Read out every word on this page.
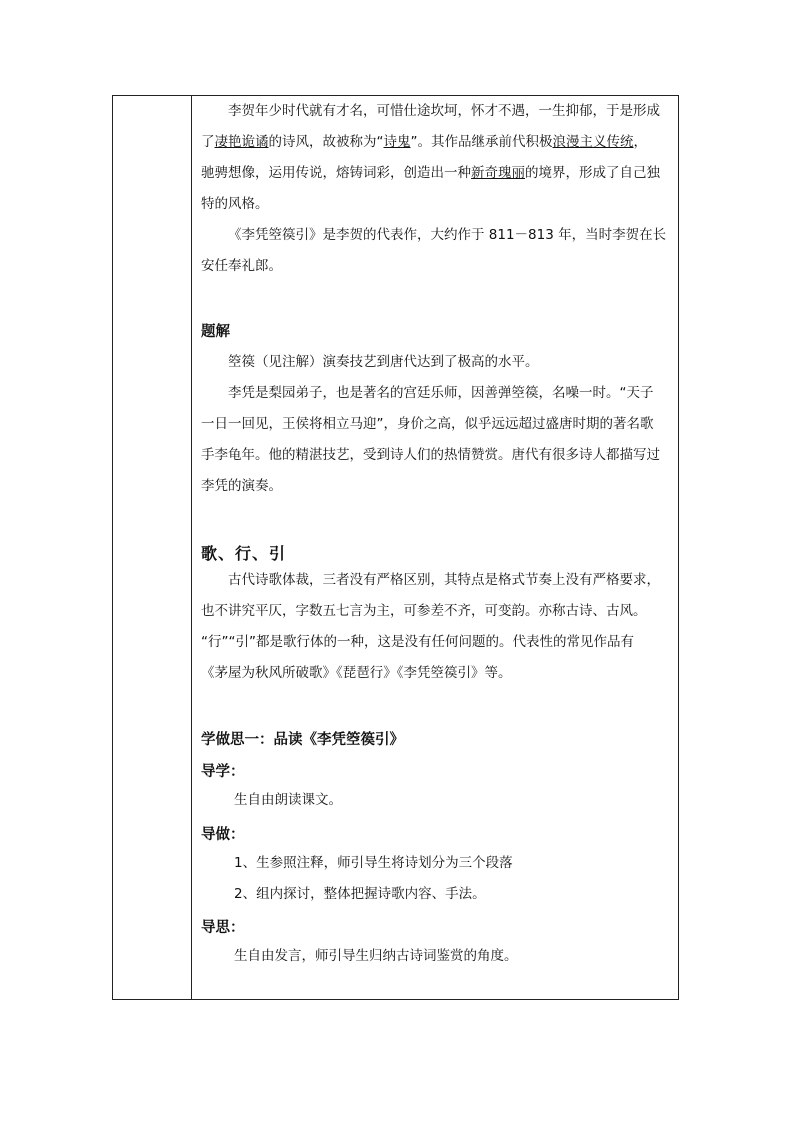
李贺年少时代就有才名，可惜仕途坎坷，怀才不遇，一生抑郁，于是形成
了凄艳诡谲的诗风，故被称为“诗鬼”。其作品继承前代积极浪漫主义传统，
驰骋想像，运用传说，熔铸词彩，创造出一种新奇瑰丽的境界，形成了自己独
特的风格。
《李凭箜篌引》是李贺的代表作，大约作于 811－813 年，当时李贺在长
安任奉礼郎。
题解
箜篌（见注解）演奏技艺到唐代达到了极高的水平。
李凭是梨园弟子，也是著名的宫廷乐师，因善弹箜篌，名噪一时。“天子
一日一回见，王侯将相立马迎”，身价之高，似乎远远超过盛唐时期的著名歌
手李龟年。他的精湛技艺，受到诗人们的热情赞赏。唐代有很多诗人都描写过
李凭的演奏。
歌、行、引
古代诗歌体裁，三者没有严格区别，其特点是格式节奏上没有严格要求，
也不讲究平仄，字数五七言为主，可参差不齐，可变韵。亦称古诗、古风。
“行”“引”都是歌行体的一种，这是没有任何问题的。代表性的常见作品有
《茅屋为秋风所破歌》《琵琶行》《李凭箜篌引》等。
学做思一：品读《李凭箜篌引》
导学：
生自由朗读课文。
导做：
1、生参照注释，师引导生将诗划分为三个段落
2、组内探讨，整体把握诗歌内容、手法。
导思：
生自由发言，师引导生归纳古诗词鉴赏的角度。
